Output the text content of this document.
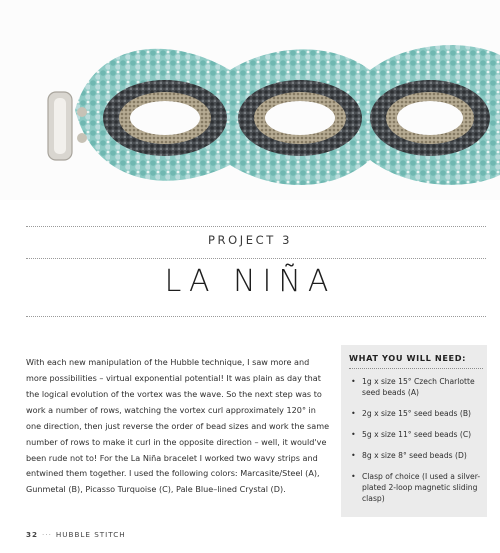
PROJECT 3
LA NIÑA

With each new manipulation of the Hubble technique, I saw more and more possibilities – virtual exponential potential! It was plain as day that the logical evolution of the vortex was the wave. So the next step was to work a number of rows, watching the vortex curl approximately 120° in one direction, then just reverse the order of bead sizes and work the same number of rows to make it curl in the opposite direction – well, it would've been rude not to! For the La Niña bracelet I worked two wavy strips and entwined them together. I used the following colors: Marcasite/Steel (A), Gunmetal (B), Picasso Turquoise (C), Pale Blue–lined Crystal (D).

WHAT YOU WILL NEED:
• 1g x size 15° Czech Charlotte seed beads (A)
• 2g x size 15° seed beads (B)
• 5g x size 11° seed beads (C)
• 8g x size 8° seed beads (D)
• Clasp of choice (I used a silver-plated 2-loop magnetic sliding clasp)
32 ··· HUBBLE STITCH
